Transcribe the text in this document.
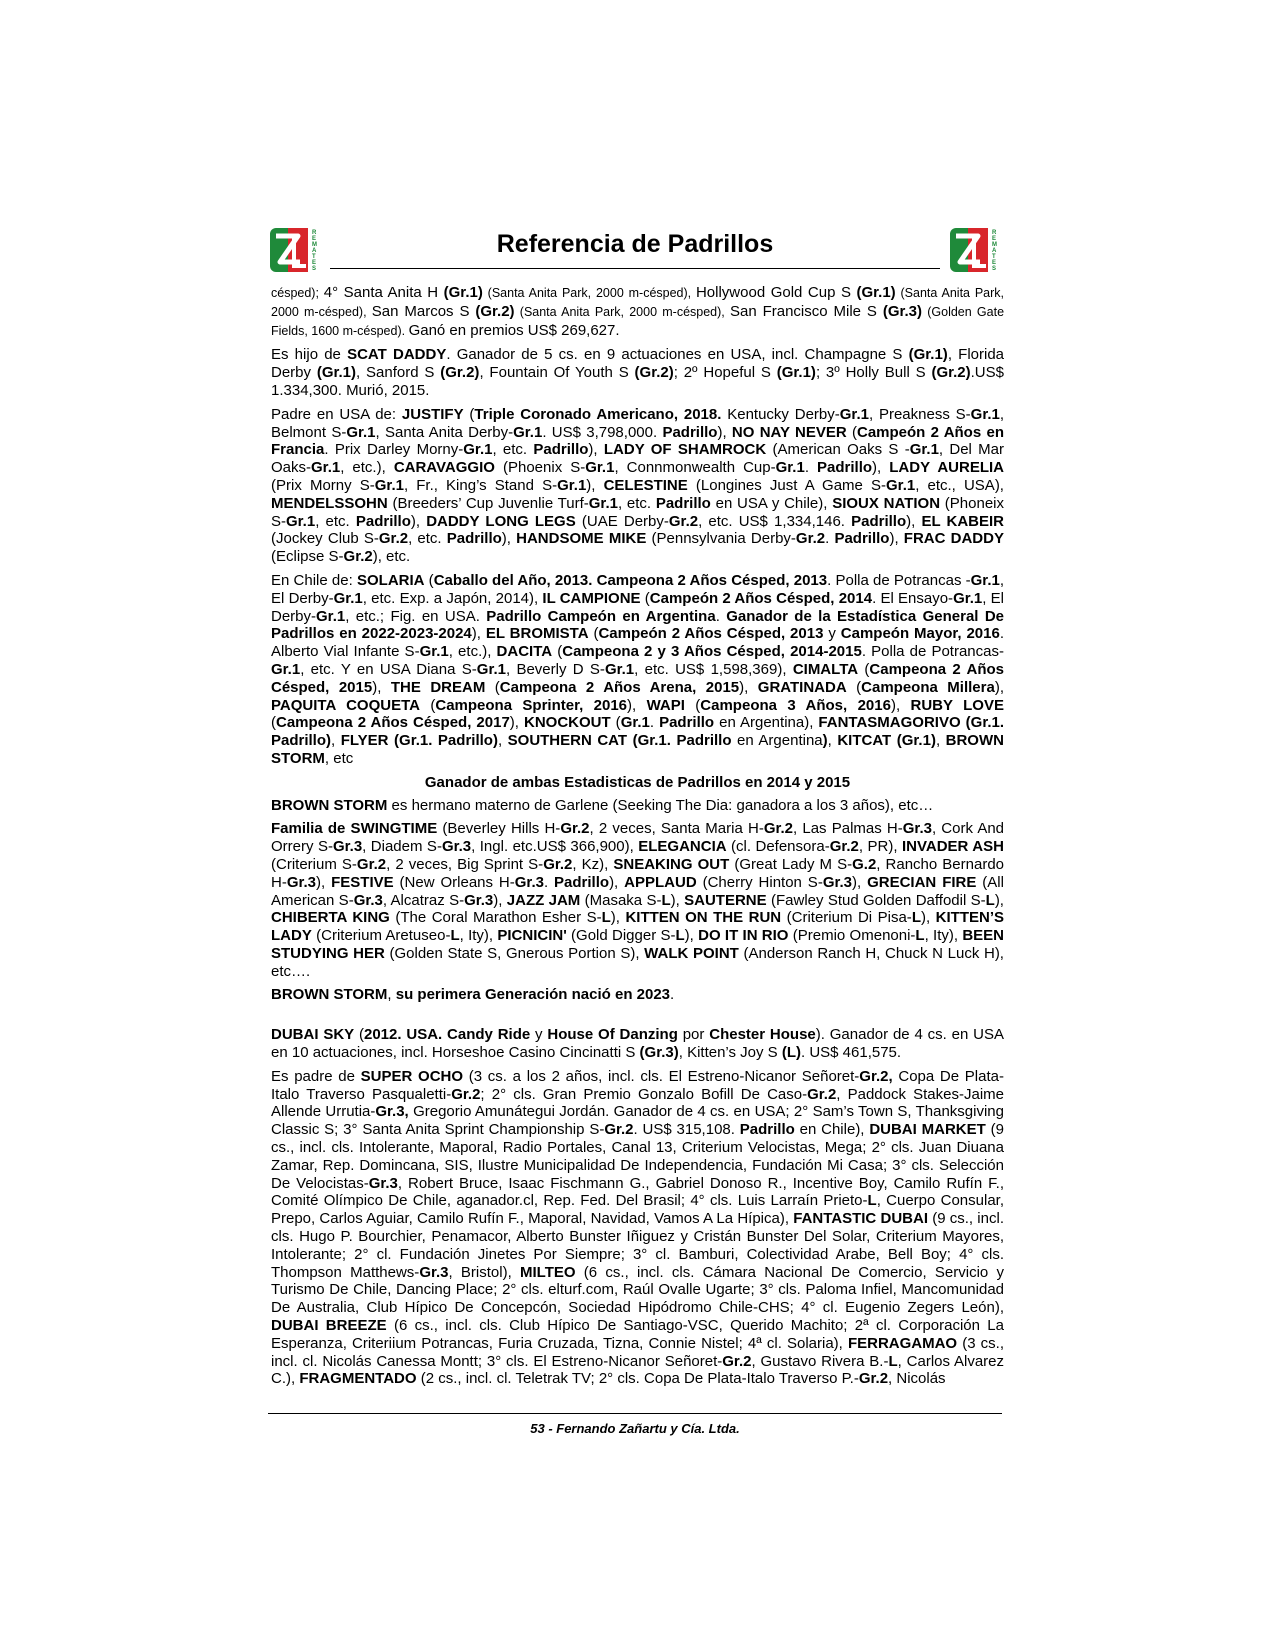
R
E
M
A
T
E
S
Referencia de Padrillos	R
E
M
A
T
E
S

césped); 4° Santa Anita H (Gr.1) (Santa Anita Park, 2000 m-césped), Hollywood Gold Cup S (Gr.1) (Santa Anita Park, 2000 m-césped), San Marcos S (Gr.2) (Santa Anita Park, 2000 m-césped), San Francisco Mile S (Gr.3) (Golden Gate Fields, 1600 m-césped). Ganó en premios US$ 269,627.

Es hijo de SCAT DADDY. Ganador de 5 cs. en 9 actuaciones en USA, incl. Champagne S (Gr.1), Florida Derby (Gr.1), Sanford S (Gr.2), Fountain Of Youth S (Gr.2); 2º Hopeful S (Gr.1); 3º Holly Bull S (Gr.2).US$ 1.334,300. Murió, 2015.

Padre en USA de: JUSTIFY (Triple Coronado Americano, 2018. Kentucky Derby-Gr.1, Preakness S-Gr.1, Belmont S-Gr.1, Santa Anita Derby-Gr.1. US$ 3,798,000. Padrillo), NO NAY NEVER (Campeón 2 Años en Francia. Prix Darley Morny-Gr.1, etc. Padrillo), LADY OF SHAMROCK (American Oaks S -Gr.1, Del Mar Oaks-Gr.1, etc.), CARAVAGGIO (Phoenix S-Gr.1, Connmonwealth Cup-Gr.1. Padrillo), LADY AURELIA (Prix Morny S-Gr.1, Fr., King’s Stand S-Gr.1), CELESTINE (Longines Just A Game S-Gr.1, etc., USA), MENDELSSOHN (Breeders’ Cup Juvenlie Turf-Gr.1, etc. Padrillo en USA y Chile), SIOUX NATION (Phoneix S-Gr.1, etc. Padrillo), DADDY LONG LEGS (UAE Derby-Gr.2, etc. US$ 1,334,146. Padrillo), EL KABEIR (Jockey Club S-Gr.2, etc. Padrillo), HANDSOME MIKE (Pennsylvania Derby-Gr.2. Padrillo), FRAC DADDY (Eclipse S-Gr.2), etc.

En Chile de: SOLARIA (Caballo del Año, 2013. Campeona 2 Años Césped, 2013. Polla de Potrancas -Gr.1, El Derby-Gr.1, etc. Exp. a Japón, 2014), IL CAMPIONE (Campeón 2 Años Césped, 2014. El Ensayo-Gr.1, El Derby-Gr.1, etc.; Fig. en USA. Padrillo Campeón en Argentina. Ganador de la Estadística General De Padrillos en 2022-2023-2024), EL BROMISTA (Campeón 2 Años Césped, 2013 y Campeón Mayor, 2016. Alberto Vial Infante S-Gr.1, etc.), DACITA (Campeona 2 y 3 Años Césped, 2014-2015. Polla de Potrancas-Gr.1, etc. Y en USA Diana S-Gr.1, Beverly D S-Gr.1, etc. US$ 1,598,369), CIMALTA (Campeona 2 Años Césped, 2015), THE DREAM (Campeona 2 Años Arena, 2015), GRATINADA (Campeona Millera), PAQUITA COQUETA (Campeona Sprinter, 2016), WAPI (Campeona 3 Años, 2016), RUBY LOVE (Campeona 2 Años Césped, 2017), KNOCKOUT (Gr.1. Padrillo en Argentina), FANTASMAGORIVO (Gr.1. Padrillo), FLYER (Gr.1. Padrillo), SOUTHERN CAT (Gr.1. Padrillo en Argentina), KITCAT (Gr.1), BROWN STORM, etc

Ganador de ambas Estadisticas de Padrillos en 2014 y 2015

BROWN STORM es hermano materno de Garlene (Seeking The Dia: ganadora a los 3 años), etc…

Familia de SWINGTIME (Beverley Hills H-Gr.2, 2 veces, Santa Maria H-Gr.2, Las Palmas H-Gr.3, Cork And Orrery S-Gr.3, Diadem S-Gr.3, Ingl. etc.US$ 366,900), ELEGANCIA (cl. Defensora-Gr.2, PR), INVADER ASH (Criterium S-Gr.2, 2 veces, Big Sprint S-Gr.2, Kz), SNEAKING OUT (Great Lady M S-G.2, Rancho Bernardo H-Gr.3), FESTIVE (New Orleans H-Gr.3. Padrillo), APPLAUD (Cherry Hinton S-Gr.3), GRECIAN FIRE (All American S-Gr.3, Alcatraz S-Gr.3), JAZZ JAM (Masaka S-L), SAUTERNE (Fawley Stud Golden Daffodil S-L), CHIBERTA KING (The Coral Marathon Esher S-L), KITTEN ON THE RUN (Criterium Di Pisa-L), KITTEN’S LADY (Criterium Aretuseo-L, Ity), PICNICIN' (Gold Digger S-L), DO IT IN RIO (Premio Omenoni-L, Ity), BEEN STUDYING HER (Golden State S, Gnerous Portion S), WALK POINT (Anderson Ranch H, Chuck N Luck H), etc….

BROWN STORM, su perimera Generación nació en 2023.

DUBAI SKY (2012. USA. Candy Ride y House Of Danzing por Chester House). Ganador de 4 cs. en USA en 10 actuaciones, incl. Horseshoe Casino Cincinatti S (Gr.3), Kitten’s Joy S (L). US$ 461,575.

Es padre de SUPER OCHO (3 cs. a los 2 años, incl. cls. El Estreno-Nicanor Señoret-Gr.2, Copa De Plata-Italo Traverso Pasqualetti-Gr.2; 2° cls. Gran Premio Gonzalo Bofill De Caso-Gr.2, Paddock Stakes-Jaime Allende Urrutia-Gr.3, Gregorio Amunátegui Jordán. Ganador de 4 cs. en USA; 2° Sam’s Town S, Thanksgiving Classic S; 3° Santa Anita Sprint Championship S-Gr.2. US$ 315,108. Padrillo en Chile), DUBAI MARKET (9 cs., incl. cls. Intolerante, Maporal, Radio Portales, Canal 13, Criterium Velocistas, Mega; 2° cls. Juan Diuana Zamar, Rep. Domincana, SIS, Ilustre Municipalidad De Independencia, Fundación Mi Casa; 3° cls. Selección De Velocistas-Gr.3, Robert Bruce, Isaac Fischmann G., Gabriel Donoso R., Incentive Boy, Camilo Rufín F., Comité Olímpico De Chile, aganador.cl, Rep. Fed. Del Brasil; 4° cls. Luis Larraín Prieto-L, Cuerpo Consular, Prepo, Carlos Aguiar, Camilo Rufín F., Maporal, Navidad, Vamos A La Hípica), FANTASTIC DUBAI (9 cs., incl. cls. Hugo P. Bourchier, Penamacor, Alberto Bunster Iñiguez y Cristán Bunster Del Solar, Criterium Mayores, Intolerante; 2° cl. Fundación Jinetes Por Siempre; 3° cl. Bamburi, Colectividad Arabe, Bell Boy; 4° cls. Thompson Matthews-Gr.3, Bristol), MILTEO (6 cs., incl. cls. Cámara Nacional De Comercio, Servicio y Turismo De Chile, Dancing Place; 2° cls. elturf.com, Raúl Ovalle Ugarte; 3° cls. Paloma Infiel, Mancomunidad De Australia, Club Hípico De Concepcón, Sociedad Hipódromo Chile-CHS; 4° cl. Eugenio Zegers León), DUBAI BREEZE (6 cs., incl. cls. Club Hípico De Santiago-VSC, Querido Machito; 2ª cl. Corporación La Esperanza, Criteriium Potrancas, Furia Cruzada, Tizna, Connie Nistel; 4ª cl. Solaria), FERRAGAMAO (3 cs., incl. cl. Nicolás Canessa Montt; 3° cls. El Estreno-Nicanor Señoret-Gr.2, Gustavo Rivera B.-L, Carlos Alvarez C.), FRAGMENTADO (2 cs., incl. cl. Teletrak TV; 2° cls. Copa De Plata-Italo Traverso P.-Gr.2, Nicolás

53 - Fernando Zañartu y Cía. Ltda.
